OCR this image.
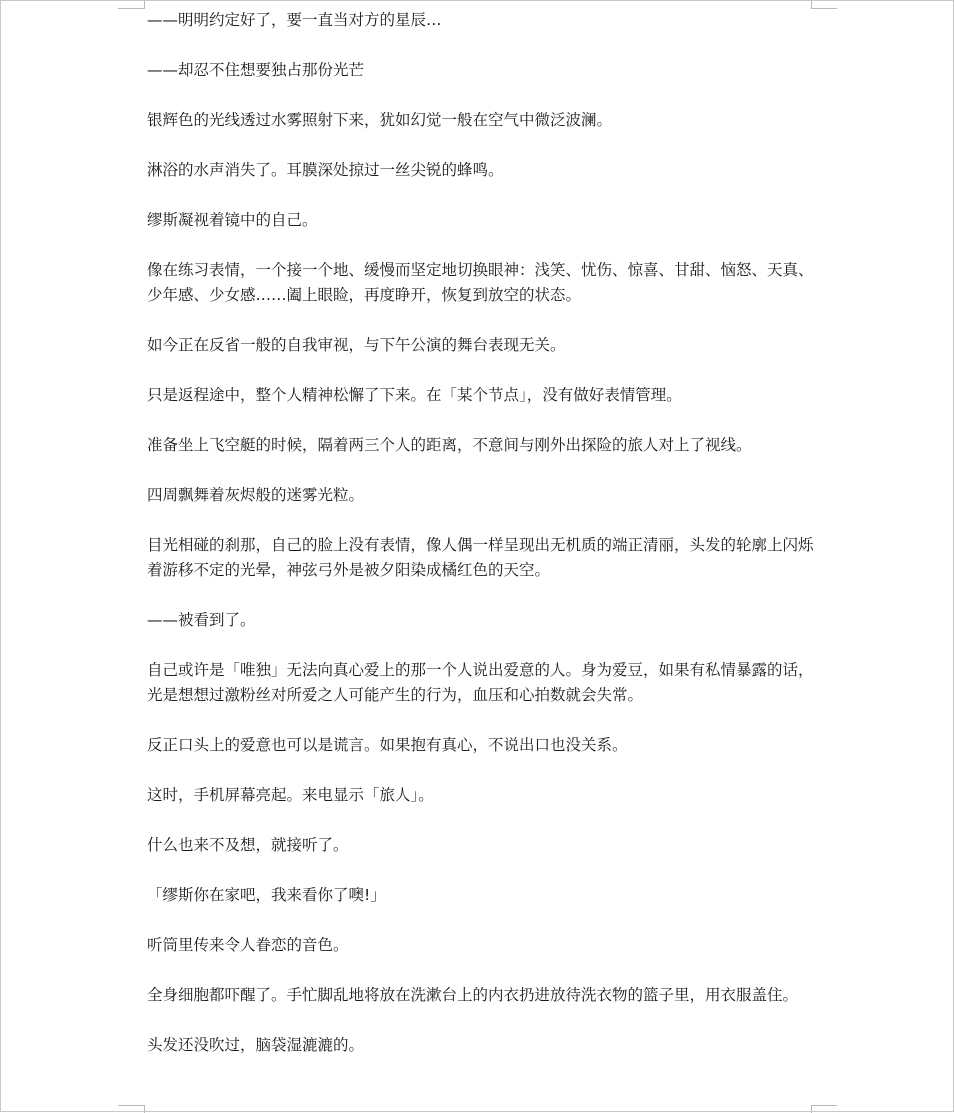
——明明约定好了，要一直当对方的星辰…

——却忍不住想要独占那份光芒

银辉色的光线透过水雾照射下来，犹如幻觉一般在空气中微泛波澜。

淋浴的水声消失了。耳膜深处掠过一丝尖锐的蜂鸣。

缪斯凝视着镜中的自己。

像在练习表情，一个接一个地、缓慢而坚定地切换眼神：浅笑、忧伤、惊喜、甘甜、恼怒、天真、少年感、少女感……阖上眼睑，再度睁开，恢复到放空的状态。

如今正在反省一般的自我审视，与下午公演的舞台表现无关。

只是返程途中，整个人精神松懈了下来。在「某个节点」，没有做好表情管理。

准备坐上飞空艇的时候，隔着两三个人的距离，不意间与刚外出探险的旅人对上了视线。

四周飘舞着灰烬般的迷雾光粒。

目光相碰的刹那，自己的脸上没有表情，像人偶一样呈现出无机质的端正清丽，头发的轮廓上闪烁着游移不定的光晕，神弦弓外是被夕阳染成橘红色的天空。

——被看到了。

自己或许是「唯独」无法向真心爱上的那一个人说出爱意的人。身为爱豆，如果有私情暴露的话，光是想想过激粉丝对所爱之人可能产生的行为，血压和心拍数就会失常。

反正口头上的爱意也可以是谎言。如果抱有真心，不说出口也没关系。

这时，手机屏幕亮起。来电显示「旅人」。

什么也来不及想，就接听了。

「缪斯你在家吧，我来看你了噢!」

听筒里传来令人眷恋的音色。

全身细胞都吓醒了。手忙脚乱地将放在洗漱台上的内衣扔进放待洗衣物的篮子里，用衣服盖住。

头发还没吹过，脑袋湿漉漉的。
